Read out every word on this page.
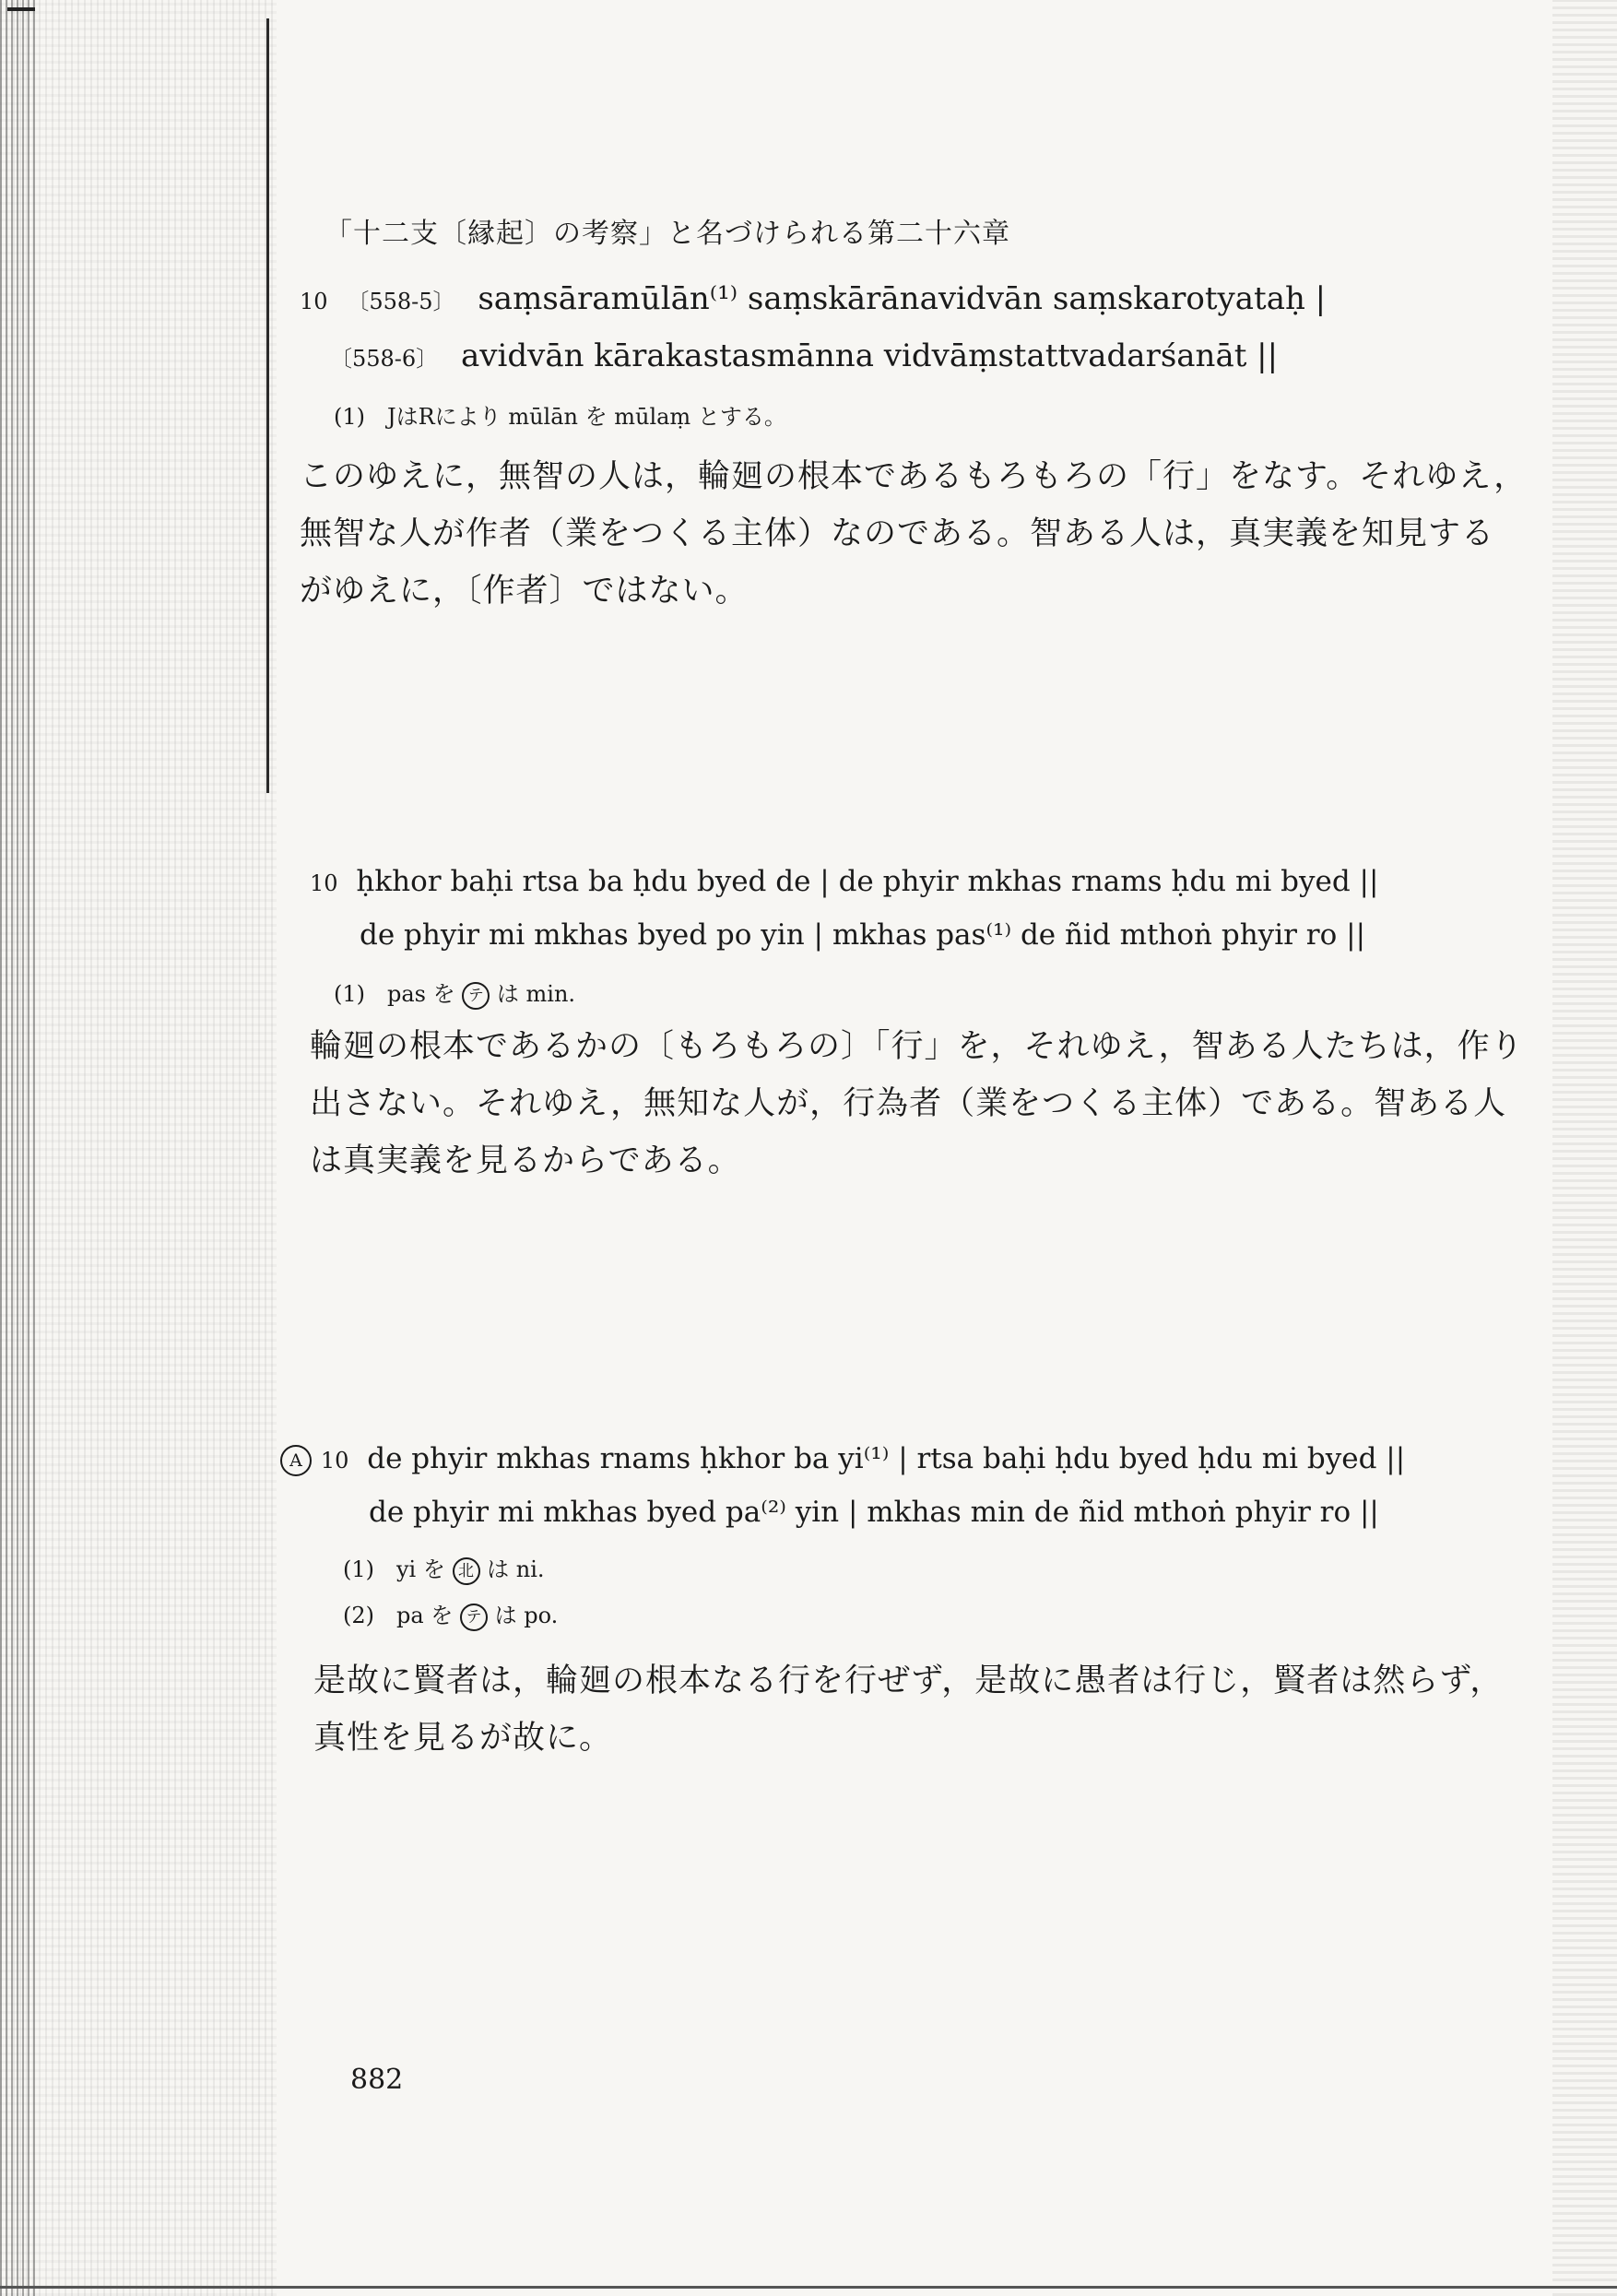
「十二支〔縁起〕の考察」と名づけられる第二十六章
10 〔558-5〕 saṃsāramūlān⁽¹⁾ saṃskārānavidvān saṃskarotyataḥ |
〔558-6〕 avidvān kārakastasmānna vidvāṃstattvadarśanāt ||
(1)　JはRにより mūlān を mūlaṃ とする。
このゆえに，無智の人は，輪廻の根本であるもろもろの「行」をなす。それゆえ，
無智な人が作者（業をつくる主体）なのである。智ある人は，真実義を知見する
がゆえに，〔作者〕ではない。
10 ḥkhor baḥi rtsa ba ḥdu byed de | de phyir mkhas rnams ḥdu mi byed ||
de phyir mi mkhas byed po yin | mkhas pas⁽¹⁾ de ñid mthoṅ phyir ro ||
(1)　pas を テ は min.
輪廻の根本であるかの〔もろもろの〕「行」を，それゆえ，智ある人たちは，作り
出さない。それゆえ，無知な人が，行為者（業をつくる主体）である。智ある人
は真実義を見るからである。
A 10 de phyir mkhas rnams ḥkhor ba yi⁽¹⁾ | rtsa baḥi ḥdu byed ḥdu mi byed ||
de phyir mi mkhas byed pa⁽²⁾ yin | mkhas min de ñid mthoṅ phyir ro ||
(1)　yi を 北 は ni.
(2)　pa を テ は po.
是故に賢者は，輪廻の根本なる行を行ぜず，是故に愚者は行じ，賢者は然らず，
真性を見るが故に。
882
